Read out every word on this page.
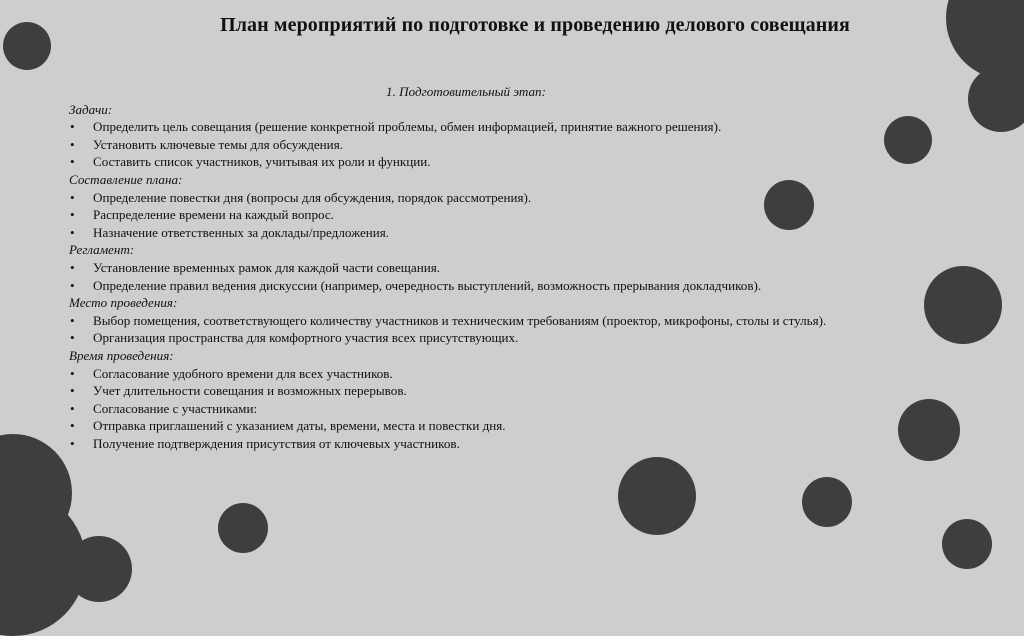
План мероприятий по подготовке и проведению делового совещания
1. Подготовительный этап:
Задачи:
• Определить цель совещания (решение конкретной проблемы, обмен информацией, принятие важного решения).
• Установить ключевые темы для обсуждения.
• Составить список участников, учитывая их роли и функции.
Составление плана:
• Определение повестки дня (вопросы для обсуждения, порядок рассмотрения).
• Распределение времени на каждый вопрос.
• Назначение ответственных за доклады/предложения.
Регламент:
• Установление временных рамок для каждой части совещания.
• Определение правил ведения дискуссии (например, очередность выступлений, возможность прерывания докладчиков).
Место проведения:
• Выбор помещения, соответствующего количеству участников и техническим требованиям (проектор, микрофоны, столы и стулья).
• Организация пространства для комфортного участия всех присутствующих.
Время проведения:
• Согласование удобного времени для всех участников.
• Учет длительности совещания и возможных перерывов.
• Согласование с участниками:
• Отправка приглашений с указанием даты, времени, места и повестки дня.
• Получение подтверждения присутствия от ключевых участников.
